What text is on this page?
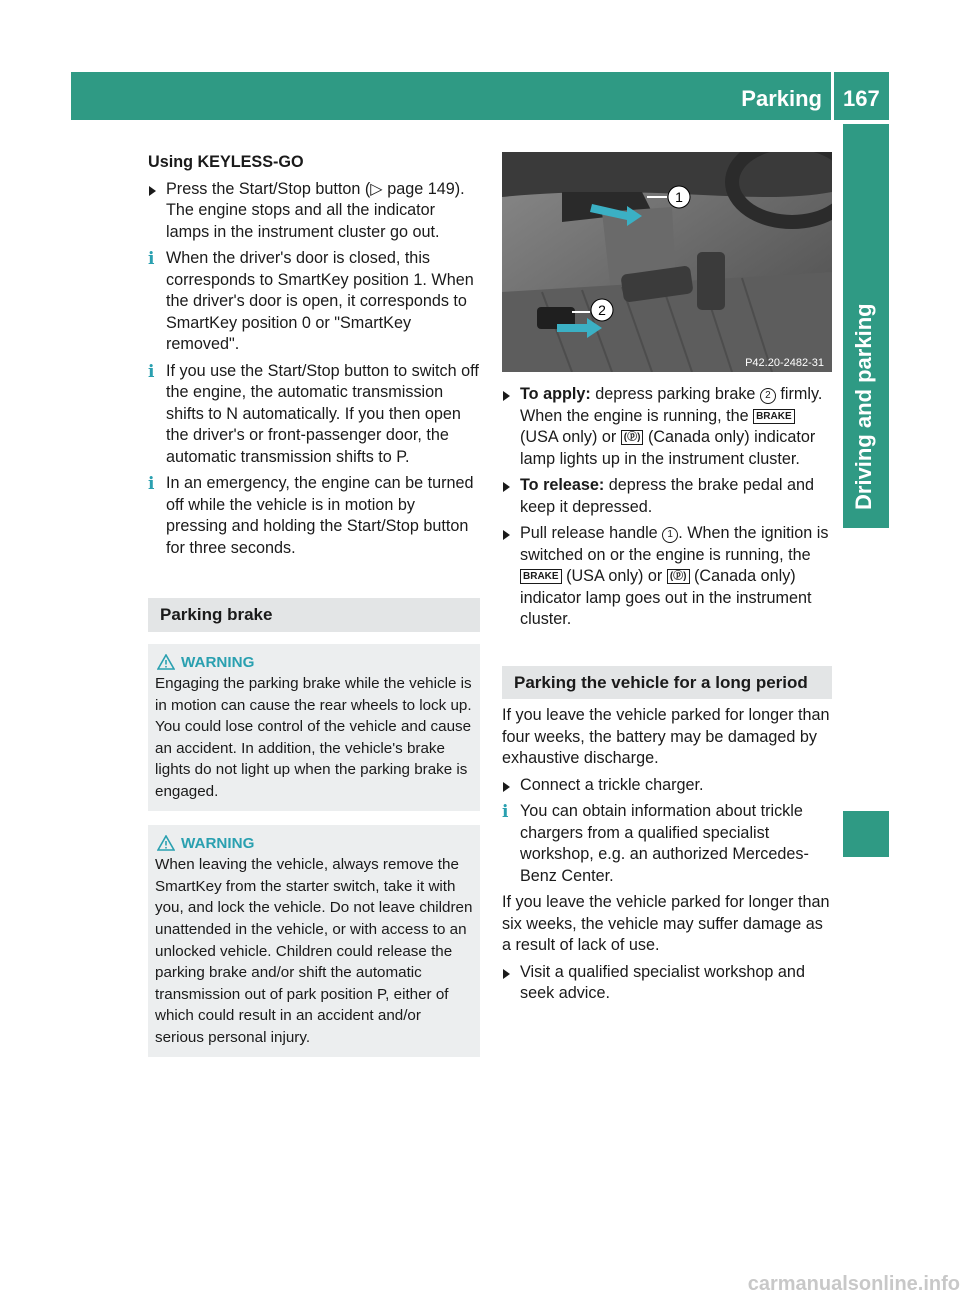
Parking 167
Driving and parking
Using KEYLESS-GO
Press the Start/Stop button (▷ page 149). The engine stops and all the indicator lamps in the instrument cluster go out.
i When the driver's door is closed, this corresponds to SmartKey position 1. When the driver's door is open, it corresponds to SmartKey position 0 or "SmartKey removed".
i If you use the Start/Stop button to switch off the engine, the automatic transmission shifts to N automatically. If you then open the driver's or front-passenger door, the automatic transmission shifts to P.
i In an emergency, the engine can be turned off while the vehicle is in motion by pressing and holding the Start/Stop button for three seconds.
Parking brake
WARNING
Engaging the parking brake while the vehicle is in motion can cause the rear wheels to lock up. You could lose control of the vehicle and cause an accident. In addition, the vehicle's brake lights do not light up when the parking brake is engaged.
WARNING
When leaving the vehicle, always remove the SmartKey from the starter switch, take it with you, and lock the vehicle. Do not leave children unattended in the vehicle, or with access to an unlocked vehicle. Children could release the parking brake and/or shift the automatic transmission out of park position P, either of which could result in an accident and/or serious personal injury.
1
2
P42.20-2482-31
To apply: depress parking brake 2 firmly. When the engine is running, the BRAKE (USA only) or (ⓟ) (Canada only) indicator lamp lights up in the instrument cluster.
To release: depress the brake pedal and keep it depressed.
Pull release handle 1 . When the ignition is switched on or the engine is running, the BRAKE (USA only) or (ⓟ) (Canada only) indicator lamp goes out in the instrument cluster.
Parking the vehicle for a long period

If you leave the vehicle parked for longer than four weeks, the battery may be damaged by exhaustive discharge.

Connect a trickle charger.
i You can obtain information about trickle chargers from a qualified specialist workshop, e.g. an authorized Mercedes-Benz Center.

If you leave the vehicle parked for longer than six weeks, the vehicle may suffer damage as a result of lack of use.

Visit a qualified specialist workshop and seek advice.
carmanualsonline.info
